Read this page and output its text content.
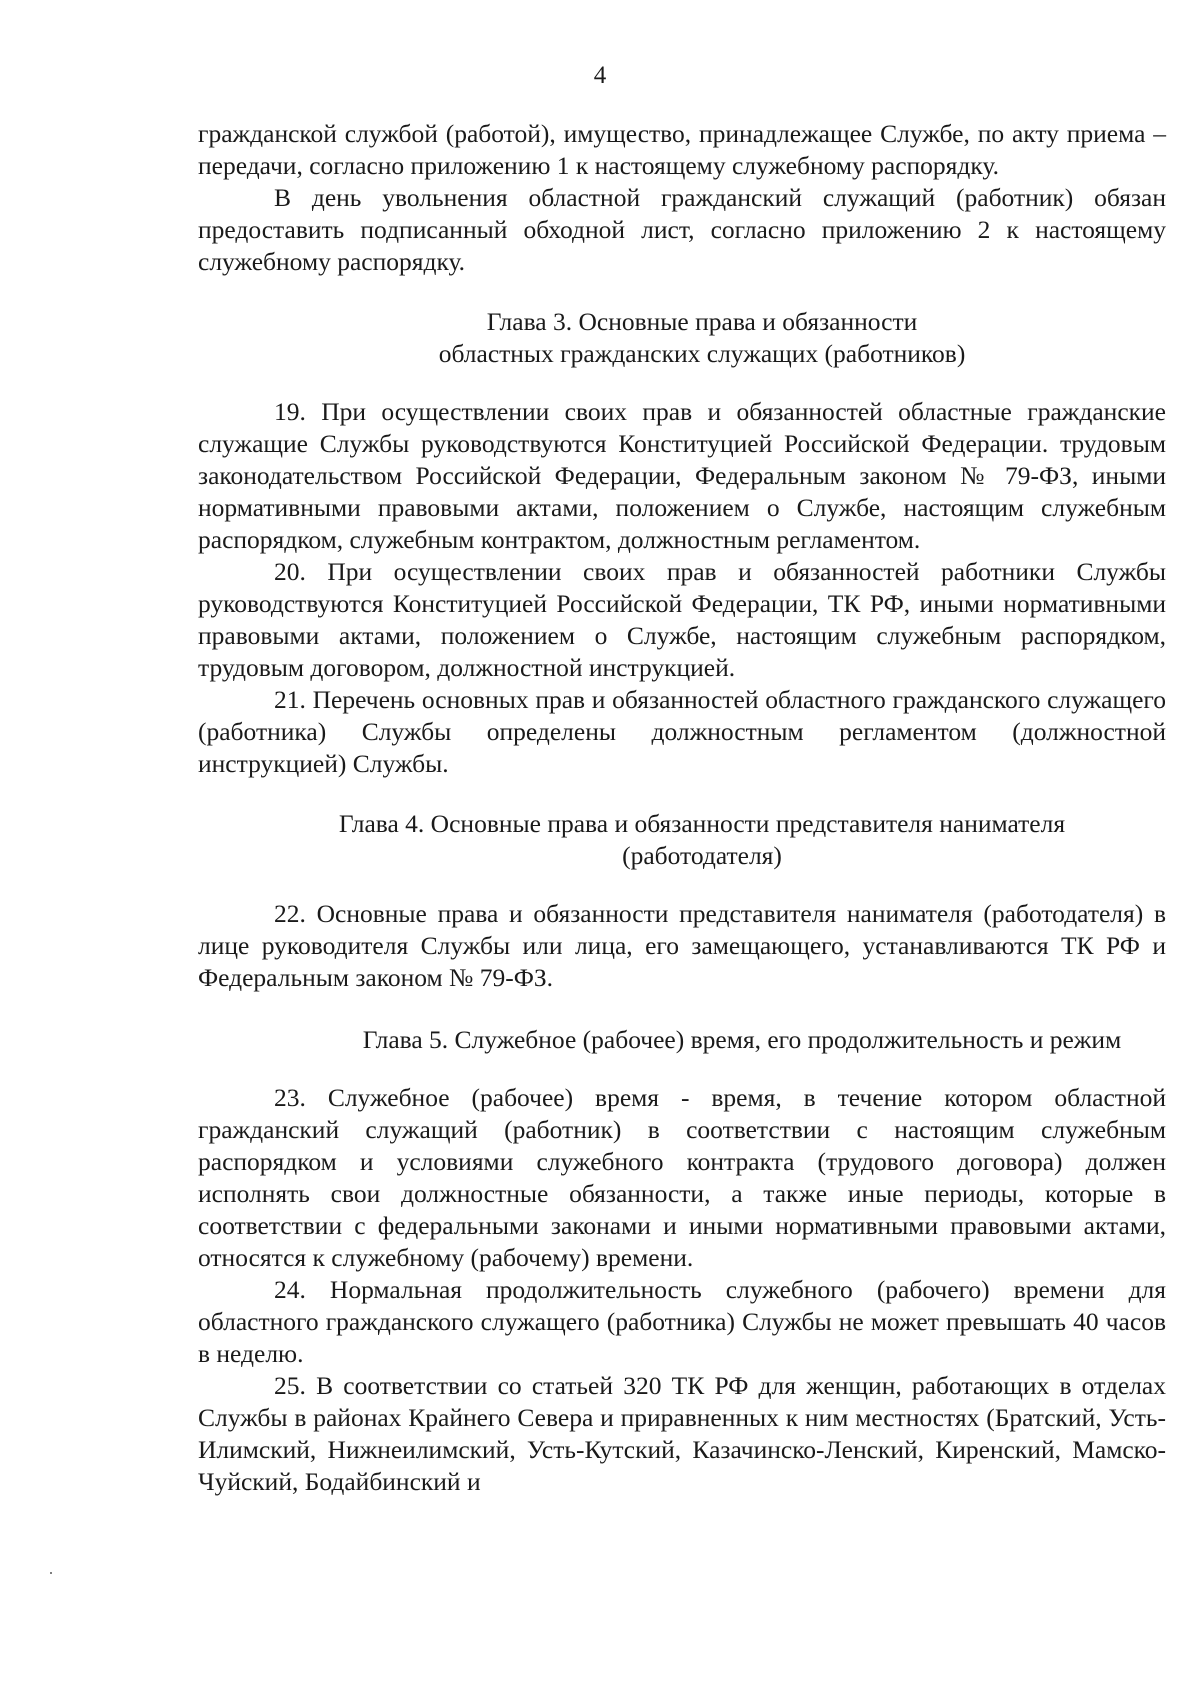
4

гражданской службой (работой), имущество, принадлежащее Службе, по акту приема – передачи, согласно приложению 1 к настоящему служебному распорядку.

В день увольнения областной гражданский служащий (работник) обязан предоставить подписанный обходной лист, согласно приложению 2 к настоящему служебному распорядку.

Глава 3. Основные права и обязанности
областных гражданских служащих (работников)

19. При осуществлении своих прав и обязанностей областные гражданские служащие Службы руководствуются Конституцией Российской Федерации. трудовым законодательством Российской Федерации, Федеральным законом № 79-ФЗ, иными нормативными правовыми актами, положением о Службе, настоящим служебным распорядком, служебным контрактом, должностным регламентом.

20. При осуществлении своих прав и обязанностей работники Службы руководствуются Конституцией Российской Федерации, ТК РФ, иными нормативными правовыми актами, положением о Службе, настоящим служебным распорядком, трудовым договором, должностной инструкцией.

21. Перечень основных прав и обязанностей областного гражданского служащего (работника) Службы определены должностным регламентом (должностной инструкцией) Службы.

Глава 4. Основные права и обязанности представителя нанимателя
(работодателя)

22. Основные права и обязанности представителя нанимателя (работодателя) в лице руководителя Службы или лица, его замещающего, устанавливаются ТК РФ и Федеральным законом № 79-ФЗ.

Глава 5. Служебное (рабочее) время, его продолжительность и режим

23. Служебное (рабочее) время - время, в течение котором областной гражданский служащий (работник) в соответствии с настоящим служебным распорядком и условиями служебного контракта (трудового договора) должен исполнять свои должностные обязанности, а также иные периоды, которые в соответствии с федеральными законами и иными нормативными правовыми актами, относятся к служебному (рабочему) времени.

24. Нормальная продолжительность служебного (рабочего) времени для областного гражданского служащего (работника) Службы не может превышать 40 часов в неделю.

25. В соответствии со статьей 320 ТК РФ для женщин, работающих в отделах Службы в районах Крайнего Севера и приравненных к ним местностях (Братский, Усть-Илимский, Нижнеилимский, Усть-Кутский, Казачинско-Ленский, Киренский, Мамско-Чуйский, Бодайбинский и
